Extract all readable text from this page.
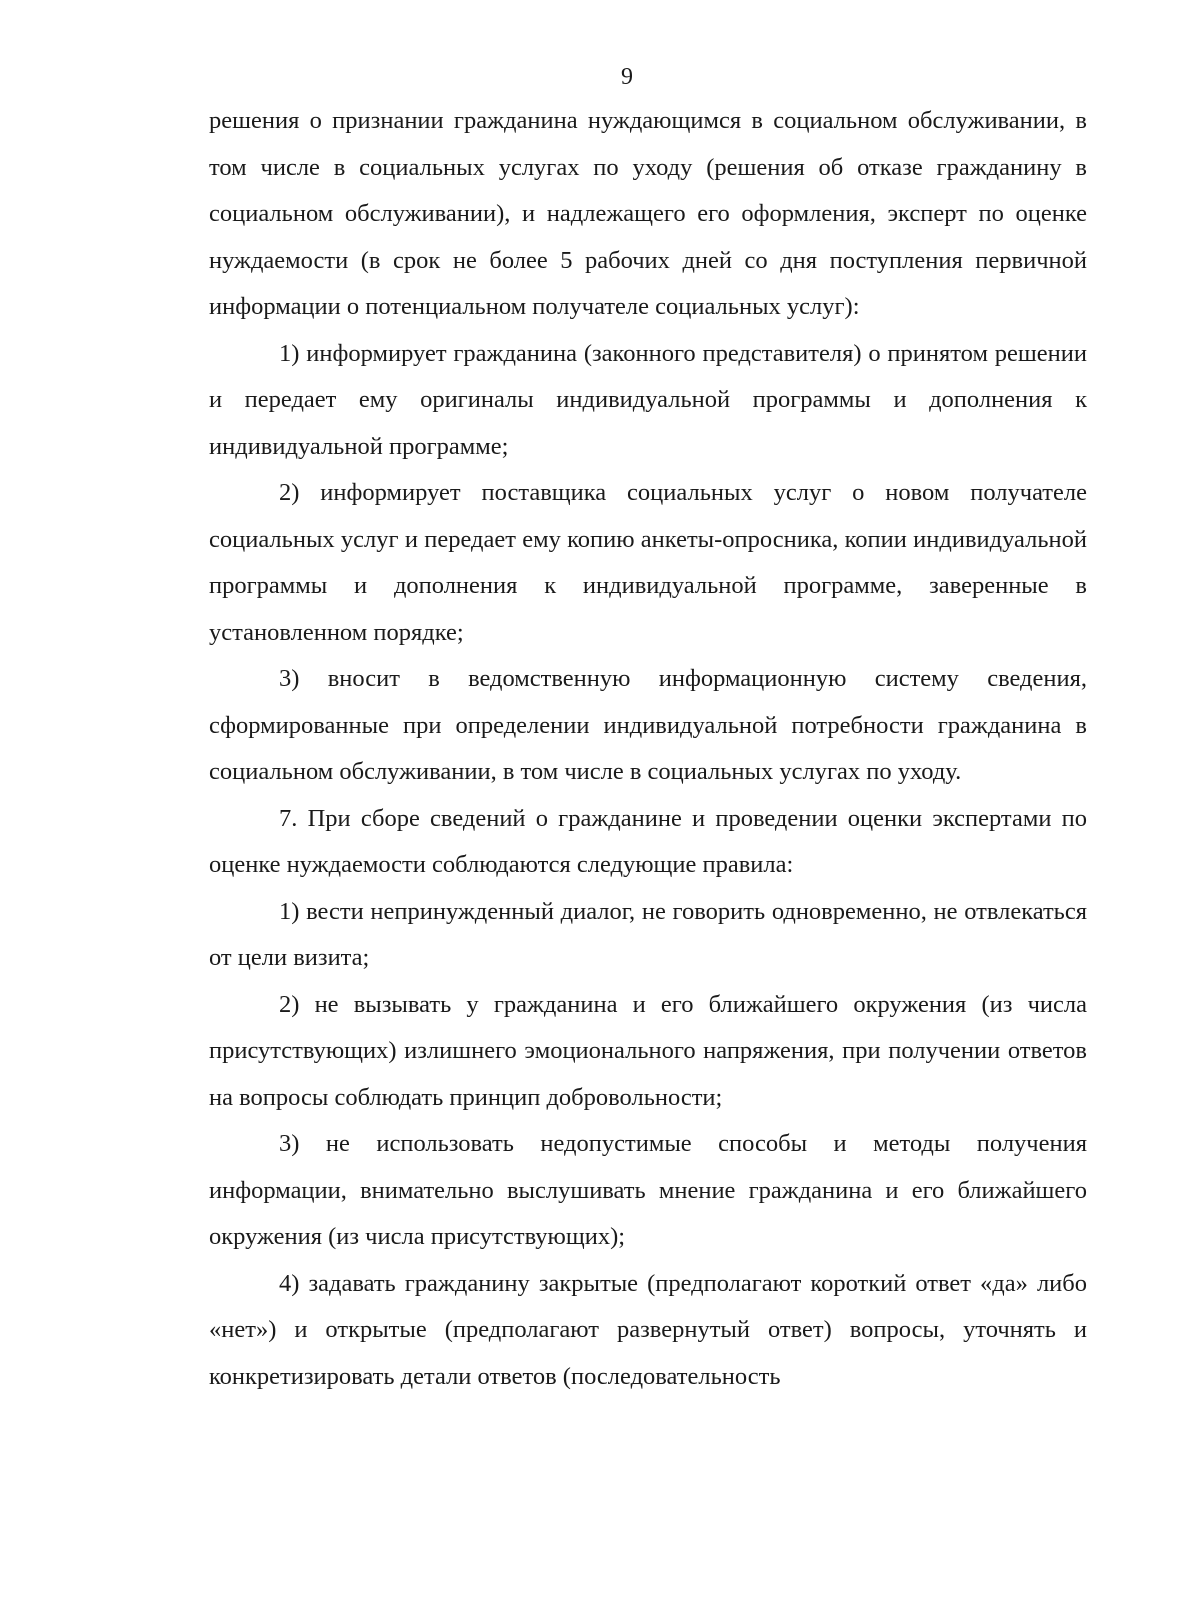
9

решения о признании гражданина нуждающимся в социальном обслуживании, в том числе в социальных услугах по уходу (решения об отказе гражданину в социальном обслуживании), и надлежащего его оформления, эксперт по оценке нуждаемости (в срок не более 5 рабочих дней со дня поступления первичной информации о потенциальном получателе социальных услуг):

1) информирует гражданина (законного представителя) о принятом решении и передает ему оригиналы индивидуальной программы и дополнения к индивидуальной программе;

2) информирует поставщика социальных услуг о новом получателе социальных услуг и передает ему копию анкеты-опросника, копии индивидуальной программы и дополнения к индивидуальной программе, заверенные в установленном порядке;

3) вносит в ведомственную информационную систему сведения, сформированные при определении индивидуальной потребности гражданина в социальном обслуживании, в том числе в социальных услугах по уходу.

7. При сборе сведений о гражданине и проведении оценки экспертами по оценке нуждаемости соблюдаются следующие правила:

1) вести непринужденный диалог, не говорить одновременно, не отвлекаться от цели визита;

2) не вызывать у гражданина и его ближайшего окружения (из числа присутствующих) излишнего эмоционального напряжения, при получении ответов на вопросы соблюдать принцип добровольности;

3) не использовать недопустимые способы и методы получения информации, внимательно выслушивать мнение гражданина и его ближайшего окружения (из числа присутствующих);

4) задавать гражданину закрытые (предполагают короткий ответ «да» либо «нет») и открытые (предполагают развернутый ответ) вопросы, уточнять и конкретизировать детали ответов (последовательность
